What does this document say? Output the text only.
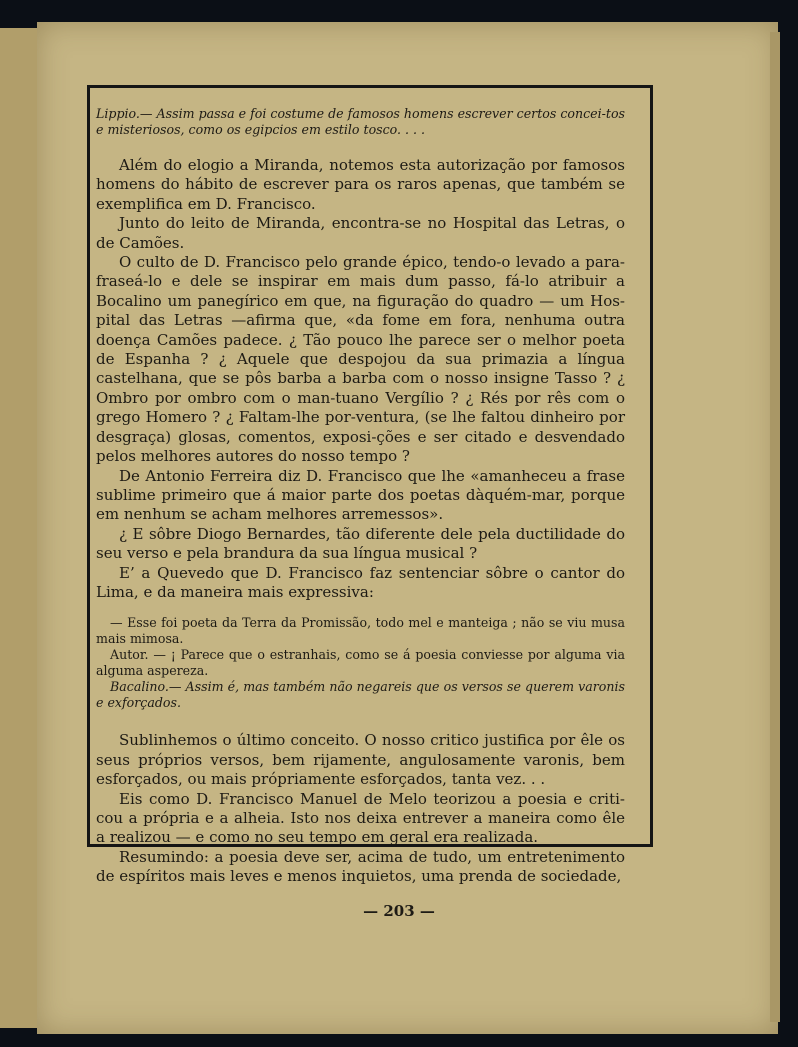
Lippio.— Assim passa e foi costume de famosos homens escrever certos concei-tos e misteriosos, como os egipcios em estilo tosco. . . .

Além do elogio a Miranda, notemos esta autorização por famosos homens do hábito de escrever para os raros apenas, que também se exemplifica em D. Francisco.

Junto do leito de Miranda, encontra-se no Hospital das Letras, o de Camões.

O culto de D. Francisco pelo grande épico, tendo-o levado a para-fraseá-lo e dele se inspirar em mais dum passo, fá-lo atribuir a Bocalino um panegírico em que, na figuração do quadro — um Hos-pital das Letras —afirma que, «da fome em fora, nenhuma outra doença Camões padece. ¿ Tão pouco lhe parece ser o melhor poeta de Espanha ? ¿ Aquele que despojou da sua primazia a língua castelhana, que se pôs barba a barba com o nosso insigne Tasso ? ¿ Ombro por ombro com o man-tuano Vergílio ? ¿ Rés por rês com o grego Homero ? ¿ Faltam-lhe por-ventura, (se lhe faltou dinheiro por desgraça) glosas, comentos, exposi-ções e ser citado e desvendado pelos melhores autores do nosso tempo ?

De Antonio Ferreira diz D. Francisco que lhe «amanheceu a frase sublime primeiro que á maior parte dos poetas dàquém-mar, porque em nenhum se acham melhores arremessos».

¿ E sôbre Diogo Bernardes, tão diferente dele pela ductilidade do seu verso e pela brandura da sua língua musical ?

E’ a Quevedo que D. Francisco faz sentenciar sôbre o cantor do Lima, e da maneira mais expressiva:

— Esse foi poeta da Terra da Promissão, todo mel e manteiga ; não se viu musa mais mimosa.

Autor. — ¡ Parece que o estranhais, como se á poesia conviesse por alguma via alguma aspereza.

Bacalino.— Assim é, mas também não negareis que os versos se querem varonis e exforçados.

Sublinhemos o último conceito. O nosso critico justifica por êle os seus próprios versos, bem rijamente, angulosamente varonis, bem esforçados, ou mais própriamente esforçados, tanta vez. . .

Eis como D. Francisco Manuel de Melo teorizou a poesia e criti-cou a própria e a alheia. Isto nos deixa entrever a maneira como êle a realizou — e como no seu tempo em geral era realizada.

Resumindo: a poesia deve ser, acima de tudo, um entretenimento de espíritos mais leves e menos inquietos, uma prenda de sociedade,

— 203 —
